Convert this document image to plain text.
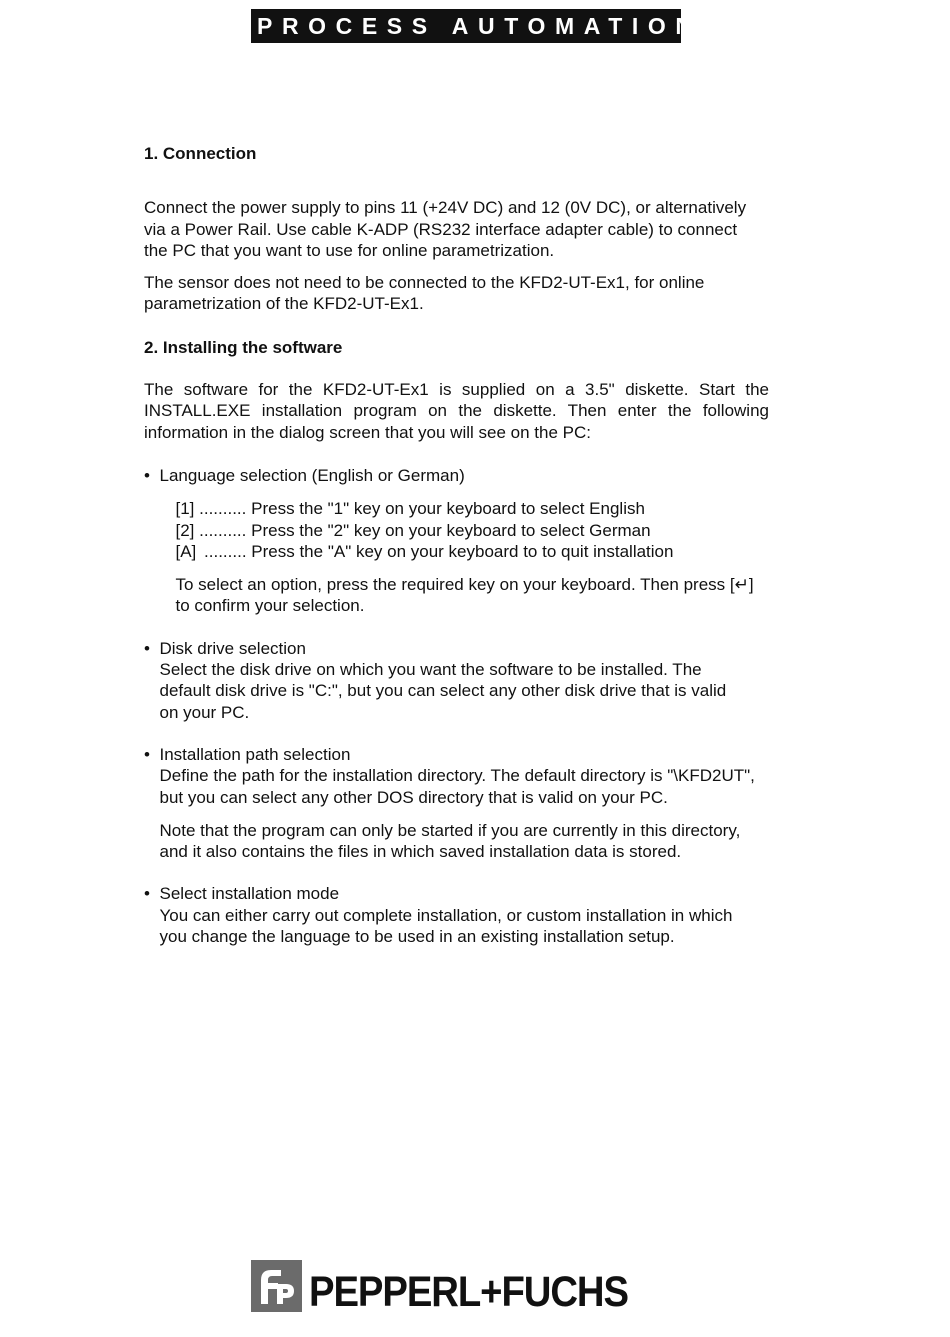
PROCESS AUTOMATION
1. Connection
Connect the power supply to pins 11 (+24V DC) and 12 (0V DC), or alternatively
via a Power Rail. Use cable K-ADP (RS232 interface adapter cable) to connect
the PC that you want to use for online parametrization.
The sensor does not need to be connected to the KFD2-UT-Ex1, for online
parametrization of the KFD2-UT-Ex1.
2. Installing the software
The software for the KFD2-UT-Ex1 is supplied on a 3.5" diskette. Start the
INSTALL.EXE installation program on the diskette. Then enter the following
information in the dialog screen that you will see on the PC:
• Language selection (English or German)
[1] .......... Press the "1" key on your keyboard to select English
[2] .......... Press the "2" key on your keyboard to select German
[A] ......... Press the "A" key on your keyboard to to quit installation
To select an option, press the required key on your keyboard. Then press [↵]
to confirm your selection.
• Disk drive selection
Select the disk drive on which you want the software to be installed. The
default disk drive is "C:", but you can select any other disk drive that is valid
on your PC.
• Installation path selection
Define the path for the installation directory. The default directory is "\KFD2UT",
but you can select any other DOS directory that is valid on your PC.
Note that the program can only be started if you are currently in this directory,
and it also contains the files in which saved installation data is stored.
• Select installation mode
You can either carry out complete installation, or custom installation in which
you change the language to be used in an existing installation setup.
PEPPERL+FUCHS
